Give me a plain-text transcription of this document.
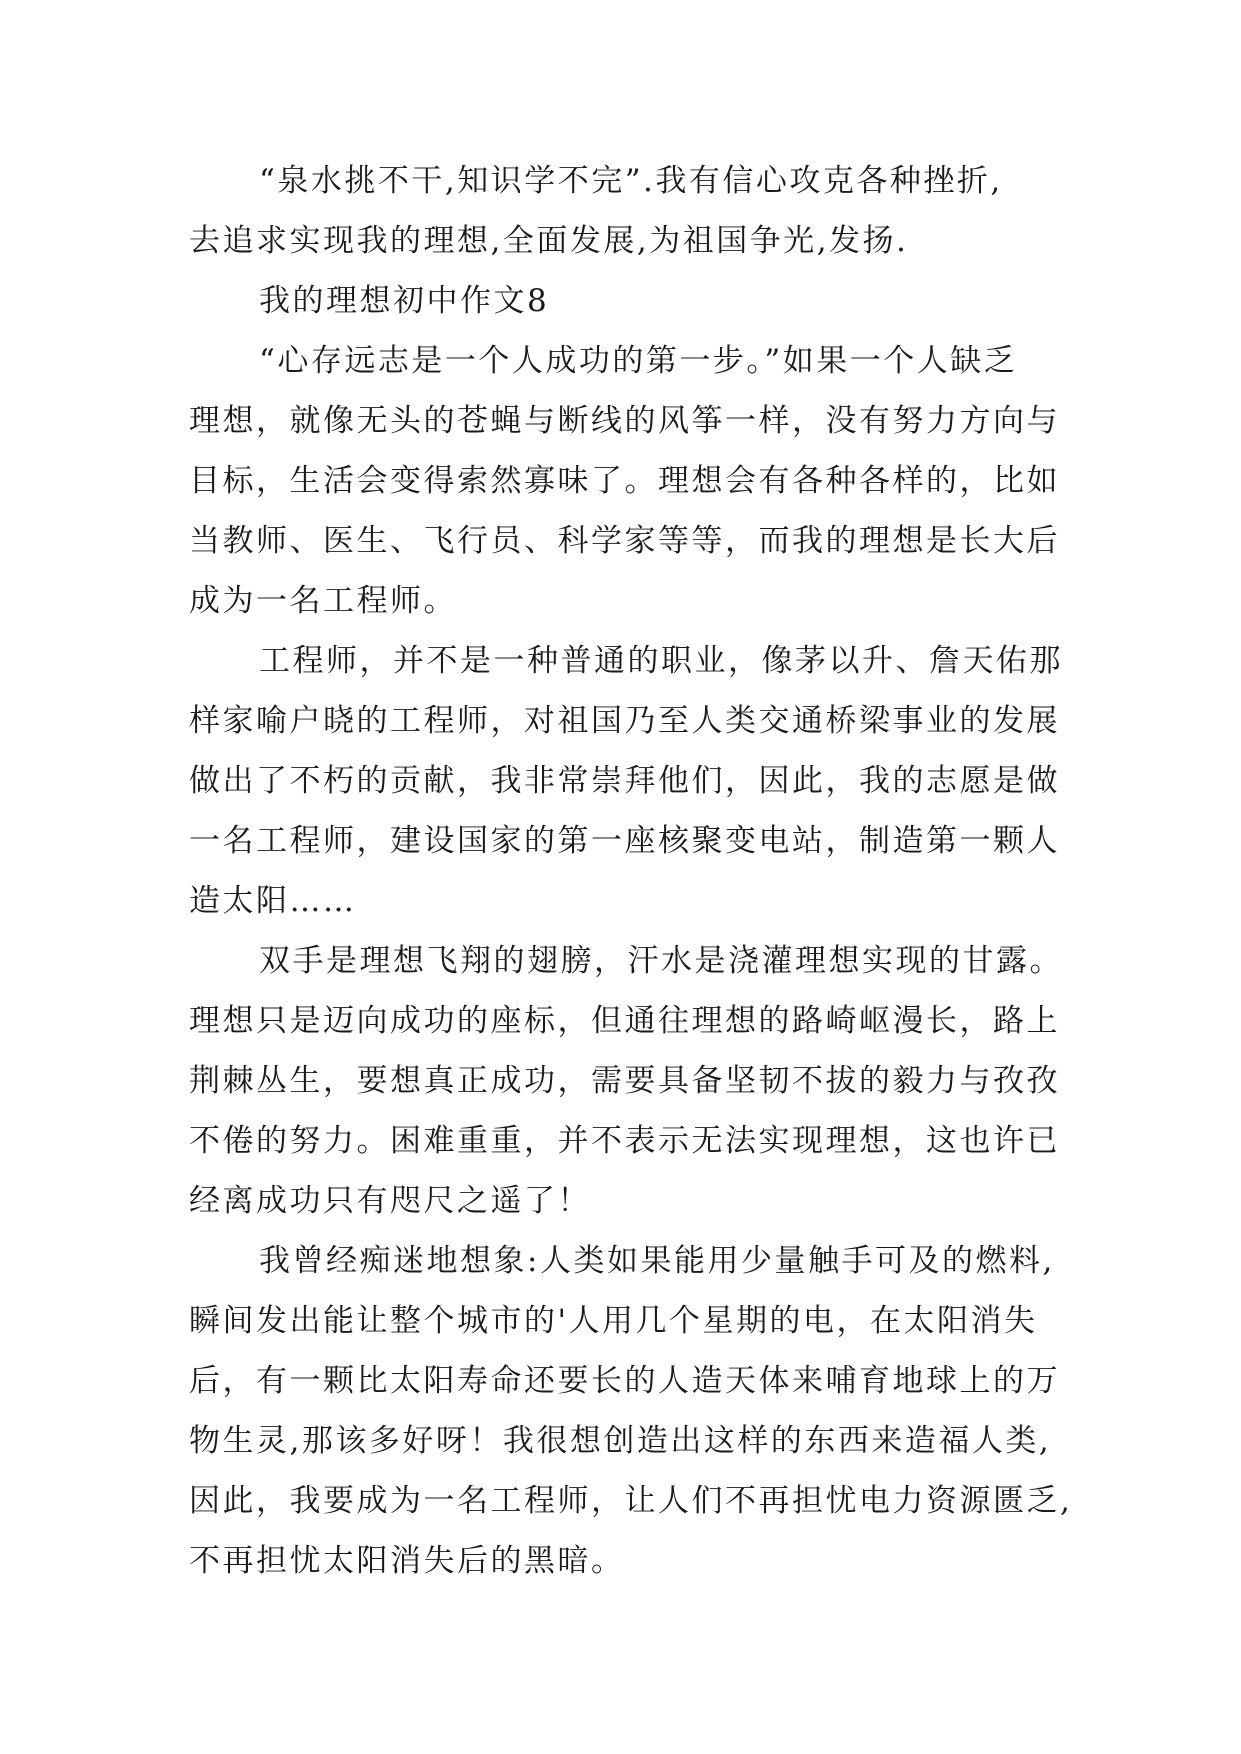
“泉水挑不干,知识学不完”.我有信心攻克各种挫折,
去追求实现我的理想,全面发展,为祖国争光,发扬.
我的理想初中作文8
“心存远志是一个人成功的第一步。”如果一个人缺乏
理想，就像无头的苍蝇与断线的风筝一样，没有努力方向与
目标，生活会变得索然寡味了。理想会有各种各样的，比如
当教师、医生、飞行员、科学家等等，而我的理想是长大后
成为一名工程师。
工程师，并不是一种普通的职业，像茅以升、詹天佑那
样家喻户晓的工程师，对祖国乃至人类交通桥梁事业的发展
做出了不朽的贡献，我非常崇拜他们，因此，我的志愿是做
一名工程师，建设国家的第一座核聚变电站，制造第一颗人
造太阳……
双手是理想飞翔的翅膀，汗水是浇灌理想实现的甘露。
理想只是迈向成功的座标，但通往理想的路崎岖漫长，路上
荆棘丛生，要想真正成功，需要具备坚韧不拔的毅力与孜孜
不倦的努力。困难重重，并不表示无法实现理想，这也许已
经离成功只有咫尺之遥了！
我曾经痴迷地想象:人类如果能用少量触手可及的燃料,
瞬间发出能让整个城市的'人用几个星期的电，在太阳消失
后，有一颗比太阳寿命还要长的人造天体来哺育地球上的万
物生灵,那该多好呀！我很想创造出这样的东西来造福人类,
因此，我要成为一名工程师，让人们不再担忧电力资源匮乏,
不再担忧太阳消失后的黑暗。
